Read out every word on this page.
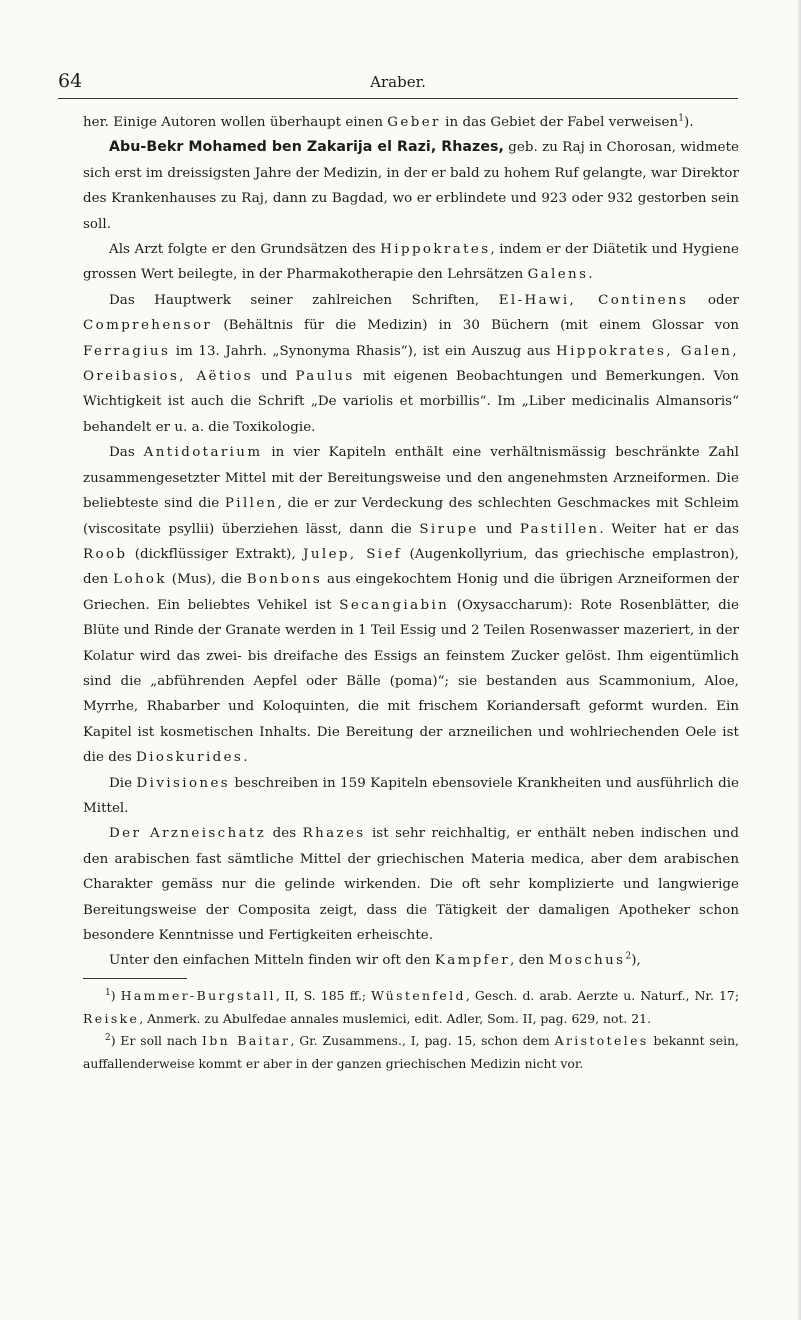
64	Araber.

her. Einige Autoren wollen überhaupt einen Geber in das Gebiet der Fabel verweisen$^1$).

Abu-Bekr Mohamed ben Zakarija el Razi, Rhazes, geb. zu Raj in Chorosan, widmete sich erst im dreissigsten Jahre der Medizin, in der er bald zu hohem Ruf gelangte, war Direktor des Krankenhauses zu Raj, dann zu Bagdad, wo er erblindete und 923 oder 932 gestorben sein soll.

Als Arzt folgte er den Grundsätzen des Hippokrates, indem er der Diätetik und Hygiene grossen Wert beilegte, in der Pharmakotherapie den Lehrsätzen Galens.

Das Hauptwerk seiner zahlreichen Schriften, El-Hawi, Continens oder Comprehensor (Behältnis für die Medizin) in 30 Büchern (mit einem Glossar von Ferragius im 13. Jahrh. „Synonyma Rhasis“), ist ein Auszug aus Hippokrates, Galen, Oreibasios, Aëtios und Paulus mit eigenen Beobachtungen und Bemerkungen. Von Wichtigkeit ist auch die Schrift „De variolis et morbillis“. Im „Liber medicinalis Almansoris“ behandelt er u. a. die Toxikologie.

Das Antidotarium in vier Kapiteln enthält eine verhältnismässig beschränkte Zahl zusammengesetzter Mittel mit der Bereitungsweise und den angenehmsten Arzneiformen. Die beliebteste sind die Pillen, die er zur Verdeckung des schlechten Geschmackes mit Schleim (viscositate psyllii) überziehen lässt, dann die Sirupe und Pastillen. Weiter hat er das Roob (dickflüssiger Extrakt), Julep, Sief (Augenkollyrium, das griechische emplastron), den Lohok (Mus), die Bonbons aus eingekochtem Honig und die übrigen Arzneiformen der Griechen. Ein beliebtes Vehikel ist Secangiabin (Oxysaccharum): Rote Rosenblätter, die Blüte und Rinde der Granate werden in 1 Teil Essig und 2 Teilen Rosenwasser mazeriert, in der Kolatur wird das zwei- bis dreifache des Essigs an feinstem Zucker gelöst. Ihm eigentümlich sind die „abführenden Aepfel oder Bälle (poma)“; sie bestanden aus Scammonium, Aloe, Myrrhe, Rhabarber und Koloquinten, die mit frischem Koriandersaft geformt wurden. Ein Kapitel ist kosmetischen Inhalts. Die Bereitung der arzneilichen und wohlriechenden Oele ist die des Dioskurides.

Die Divisiones beschreiben in 159 Kapiteln ebensoviele Krankheiten und ausführlich die Mittel.

Der Arzneischatz des Rhazes ist sehr reichhaltig, er enthält neben indischen und den arabischen fast sämtliche Mittel der griechischen Materia medica, aber dem arabischen Charakter gemäss nur die gelinde wirkenden. Die oft sehr komplizierte und langwierige Bereitungsweise der Composita zeigt, dass die Tätigkeit der damaligen Apotheker schon besondere Kenntnisse und Fertigkeiten erheischte.

Unter den einfachen Mitteln finden wir oft den Kampfer, den Moschus$^2$),

$^1$) Hammer-Burgstall, II, S. 185 ff.; Wüstenfeld, Gesch. d. arab. Aerzte u. Naturf., Nr. 17; Reiske, Anmerk. zu Abulfedae annales muslemici, edit. Adler, Som. II, pag. 629, not. 21.

$^2$) Er soll nach Ibn Baitar, Gr. Zusammens., I, pag. 15, schon dem Aristoteles bekannt sein, auffallenderweise kommt er aber in der ganzen griechischen Medizin nicht vor.
